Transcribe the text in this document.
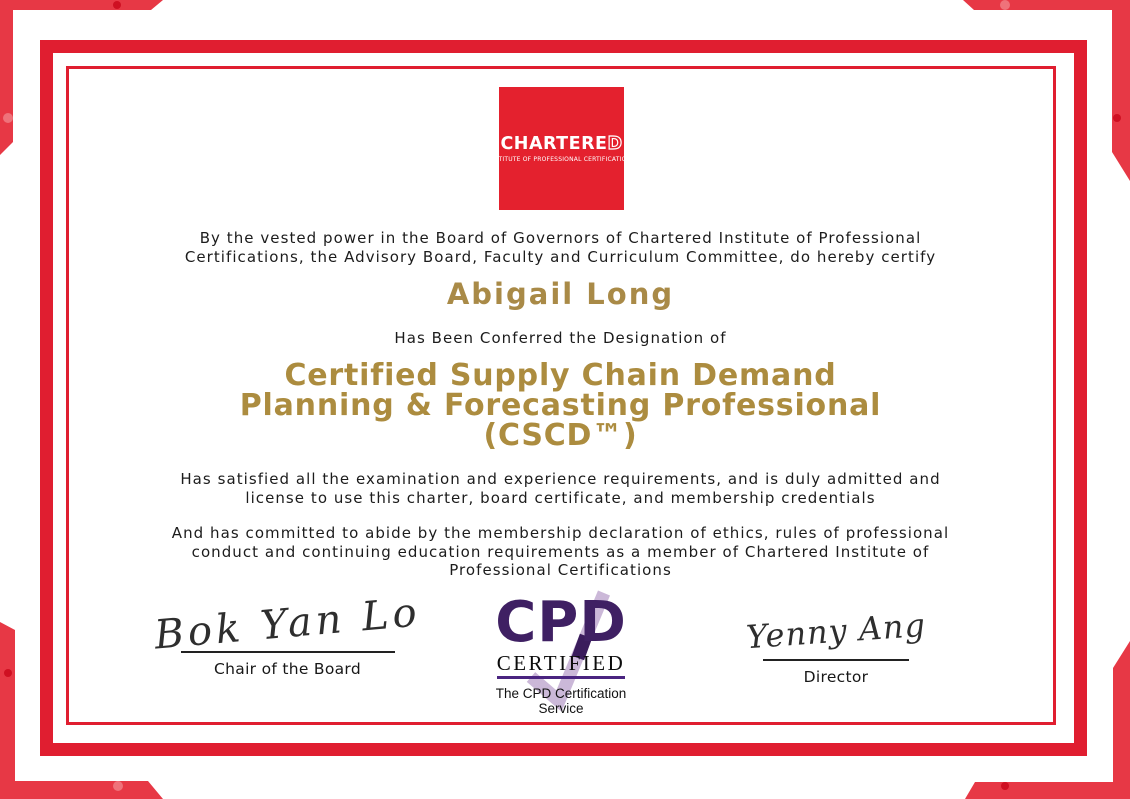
CHARTERED
INSTITUTE OF PROFESSIONAL CERTIFICATIONS
By the vested power in the Board of Governors of Chartered Institute of Professional
Certifications, the Advisory Board, Faculty and Curriculum Committee, do hereby certify
Abigail Long
Has Been Conferred the Designation of
Certified Supply Chain Demand
Planning & Forecasting Professional
(CSCD™)
Has satisfied all the examination and experience requirements, and is duly admitted and
license to use this charter, board certificate, and membership credentials
And has committed to abide by the membership declaration of ethics, rules of professional
conduct and continuing education requirements as a member of Chartered Institute of
Professional Certifications
Bok Yan Lo
Chair of the Board
Yenny Ang
Director
CPD
CERTIFIED
The CPD Certification
Service
